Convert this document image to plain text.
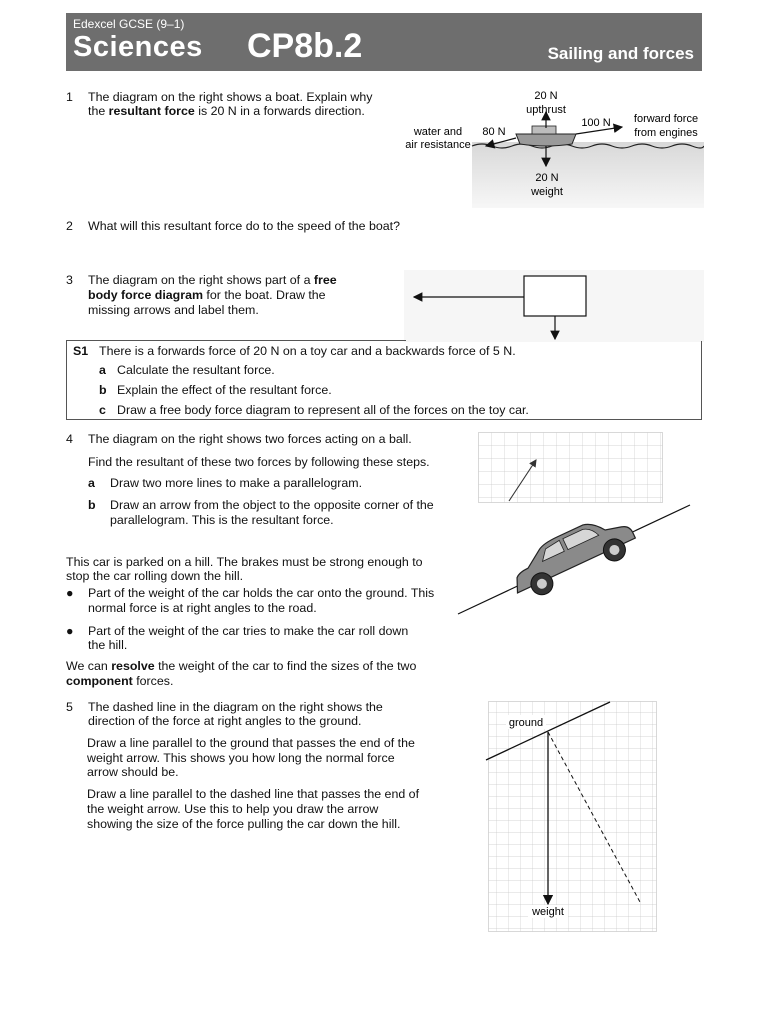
Edexcel GCSE (9–1)
Sciences CP8b.2	Sailing and forces
1 The diagram on the right shows a boat. Explain why
the resultant force is 20 N in a forwards direction.
20 N
upthrust
100 N forward force
from engines
80 N
water and
air resistance
20 N
weight
2 What will this resultant force do to the speed of the boat?
3 The diagram on the right shows part of a free
body force diagram for the boat. Draw the
missing arrows and label them.
S1 There is a forwards force of 20 N on a toy car and a backwards force of 5 N.
a Calculate the resultant force.
b Explain the effect of the resultant force.
c Draw a free body force diagram to represent all of the forces on the toy car.
4 The diagram on the right shows two forces acting on a ball.
Find the resultant of these two forces by following these steps.
a Draw two more lines to make a parallelogram.
b Draw an arrow from the object to the opposite corner of the
parallelogram. This is the resultant force.
This car is parked on a hill. The brakes must be strong enough to
stop the car rolling down the hill.
● Part of the weight of the car holds the car onto the ground. This
normal force is at right angles to the road.
● Part of the weight of the car tries to make the car roll down
the hill.
We can resolve the weight of the car to find the sizes of the two
component forces.
5 The dashed line in the diagram on the right shows the
direction of the force at right angles to the ground.
Draw a line parallel to the ground that passes the end of the
weight arrow. This shows you how long the normal force
arrow should be.
Draw a line parallel to the dashed line that passes the end of
the weight arrow. Use this to help you draw the arrow
showing the size of the force pulling the car down the hill.
ground
weight
